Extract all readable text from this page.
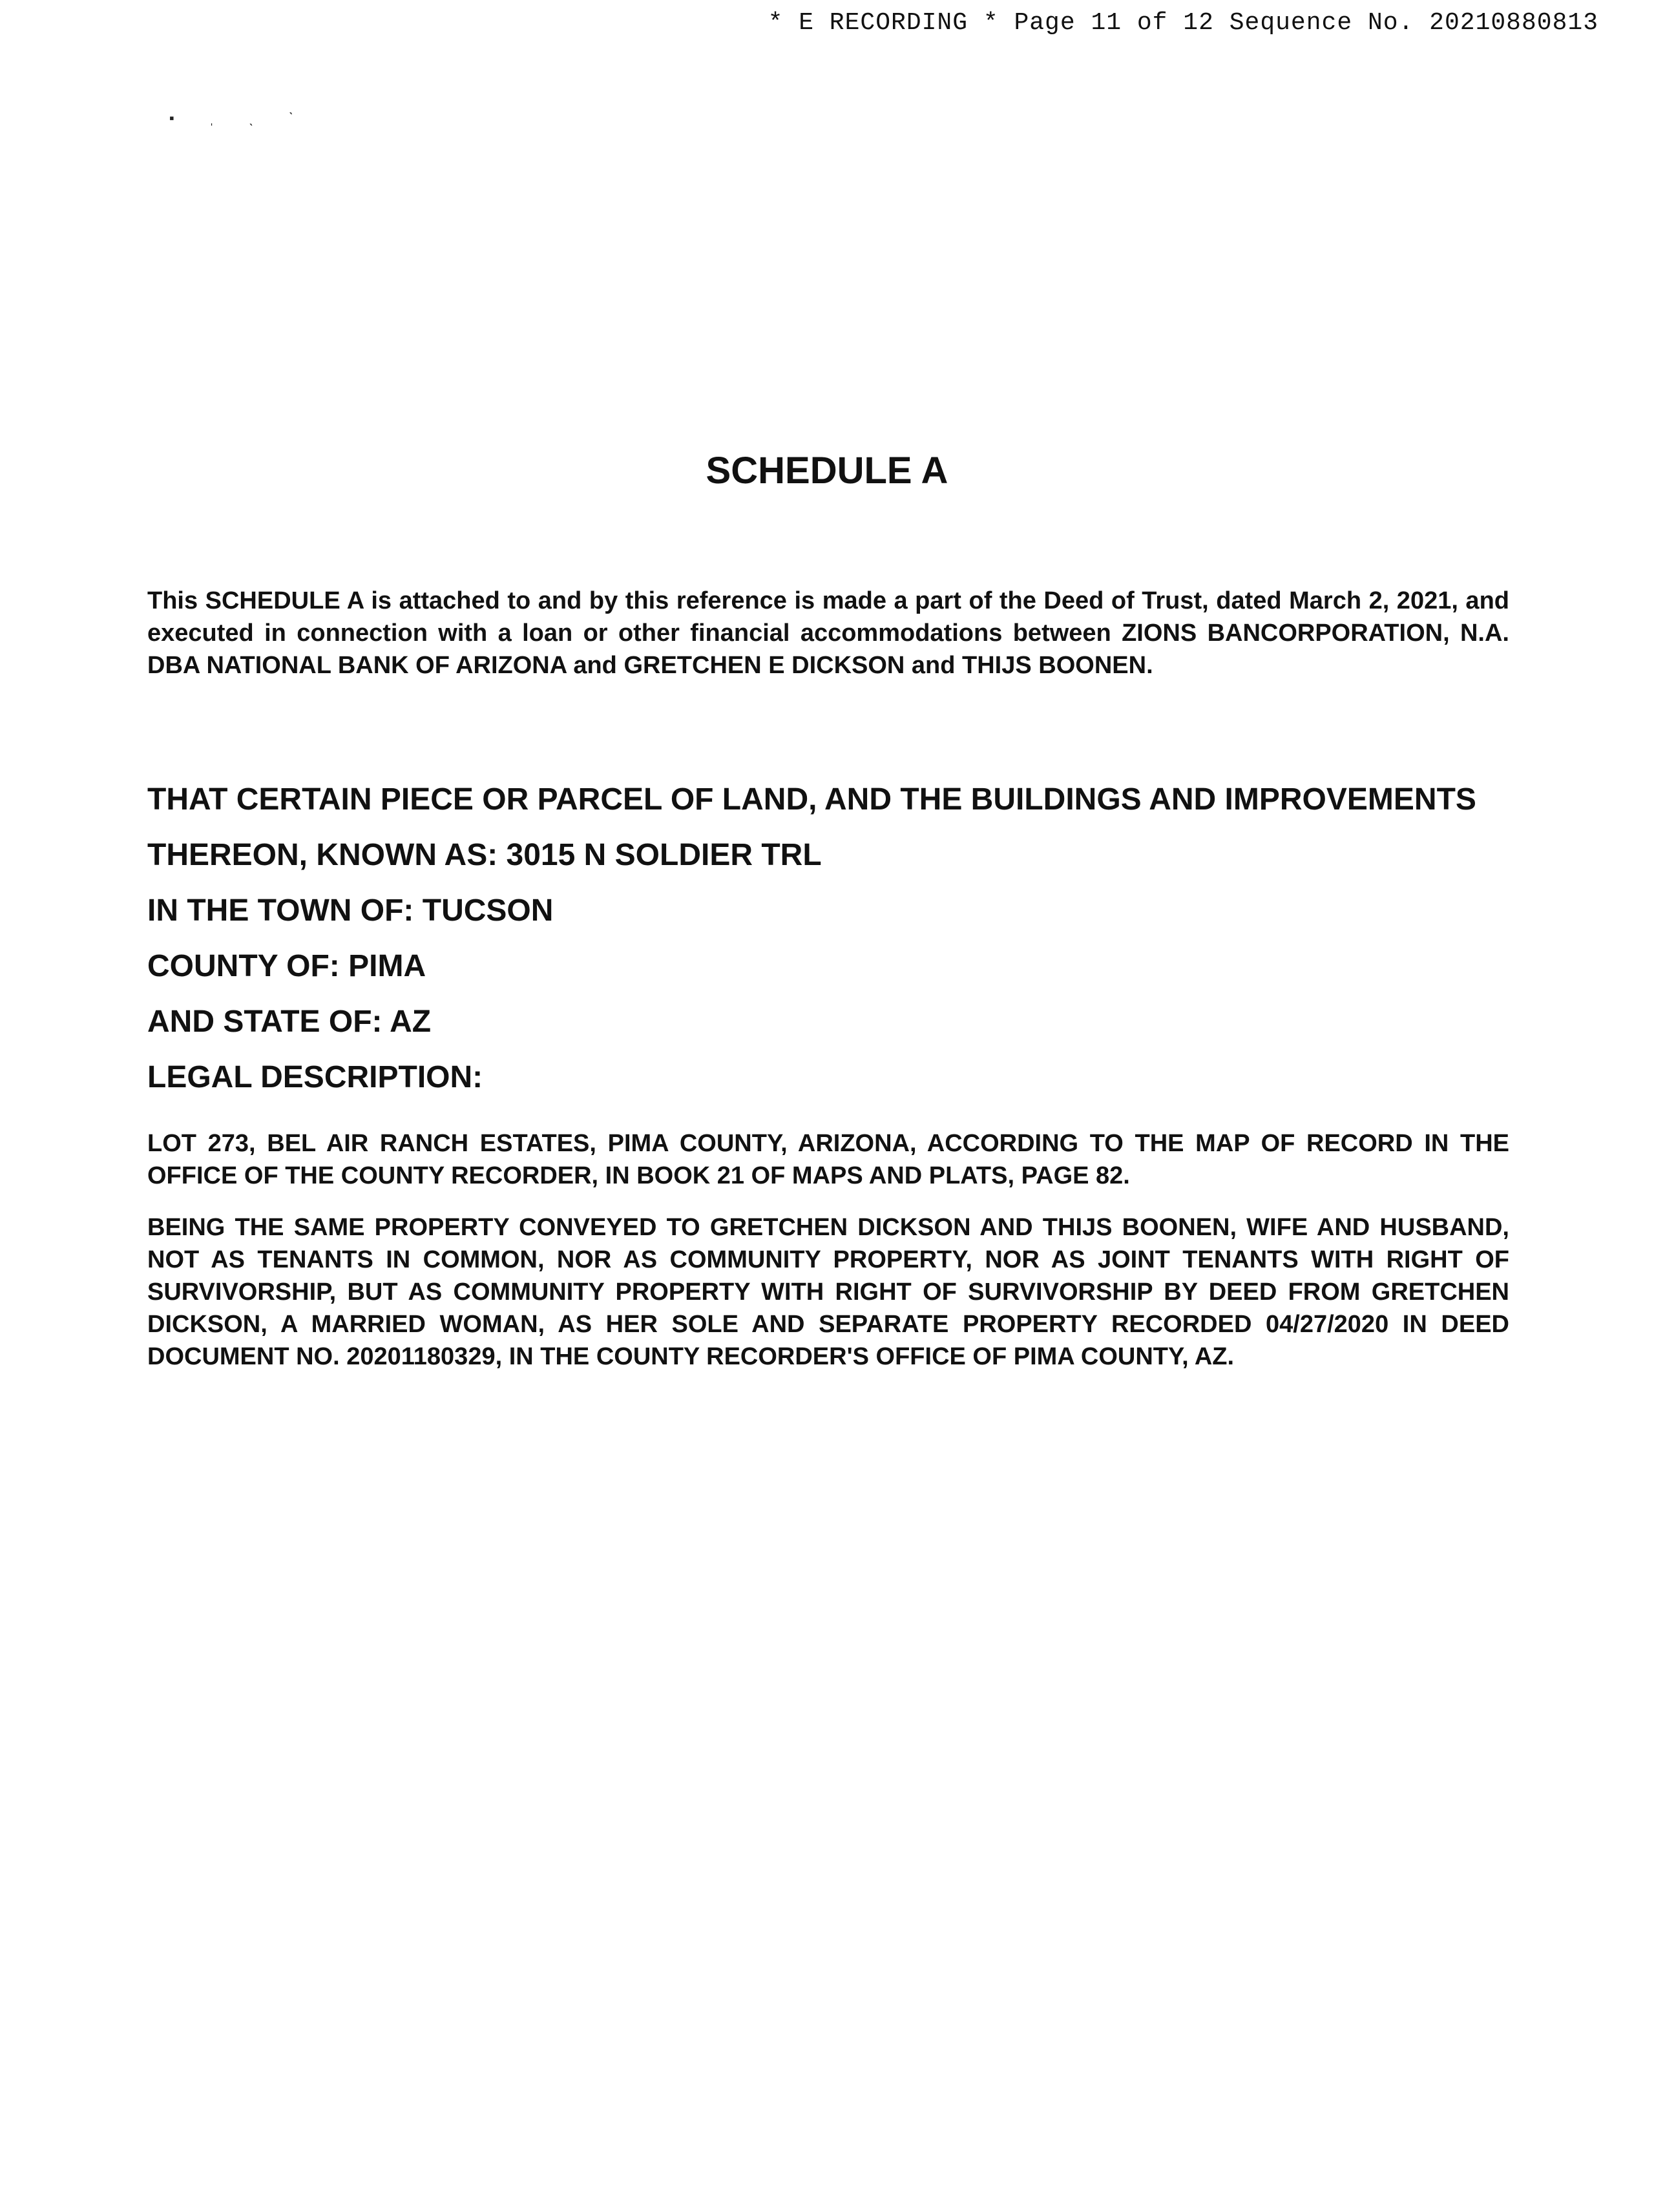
* E RECORDING * Page 11 of 12 Sequence No. 20210880813
▪ ˌ ˎ ˋ
SCHEDULE A
This SCHEDULE A is attached to and by this reference is made a part of the Deed of Trust, dated March 2, 2021, and executed in connection with a loan or other financial accommodations between ZIONS BANCORPORATION, N.A. DBA NATIONAL BANK OF ARIZONA and GRETCHEN E DICKSON and THIJS BOONEN.
THAT CERTAIN PIECE OR PARCEL OF LAND, AND THE BUILDINGS AND IMPROVEMENTS
THEREON, KNOWN AS: 3015 N SOLDIER TRL
IN THE TOWN OF: TUCSON
COUNTY OF: PIMA
AND STATE OF: AZ
LEGAL DESCRIPTION:
LOT 273, BEL AIR RANCH ESTATES, PIMA COUNTY, ARIZONA, ACCORDING TO THE MAP OF RECORD IN THE OFFICE OF THE COUNTY RECORDER, IN BOOK 21 OF MAPS AND PLATS, PAGE 82.
BEING THE SAME PROPERTY CONVEYED TO GRETCHEN DICKSON AND THIJS BOONEN, WIFE AND HUSBAND, NOT AS TENANTS IN COMMON, NOR AS COMMUNITY PROPERTY, NOR AS JOINT TENANTS WITH RIGHT OF SURVIVORSHIP, BUT AS COMMUNITY PROPERTY WITH RIGHT OF SURVIVORSHIP BY DEED FROM GRETCHEN DICKSON, A MARRIED WOMAN, AS HER SOLE AND SEPARATE PROPERTY RECORDED 04/27/2020 IN DEED DOCUMENT NO. 20201180329, IN THE COUNTY RECORDER'S OFFICE OF PIMA COUNTY, AZ.
